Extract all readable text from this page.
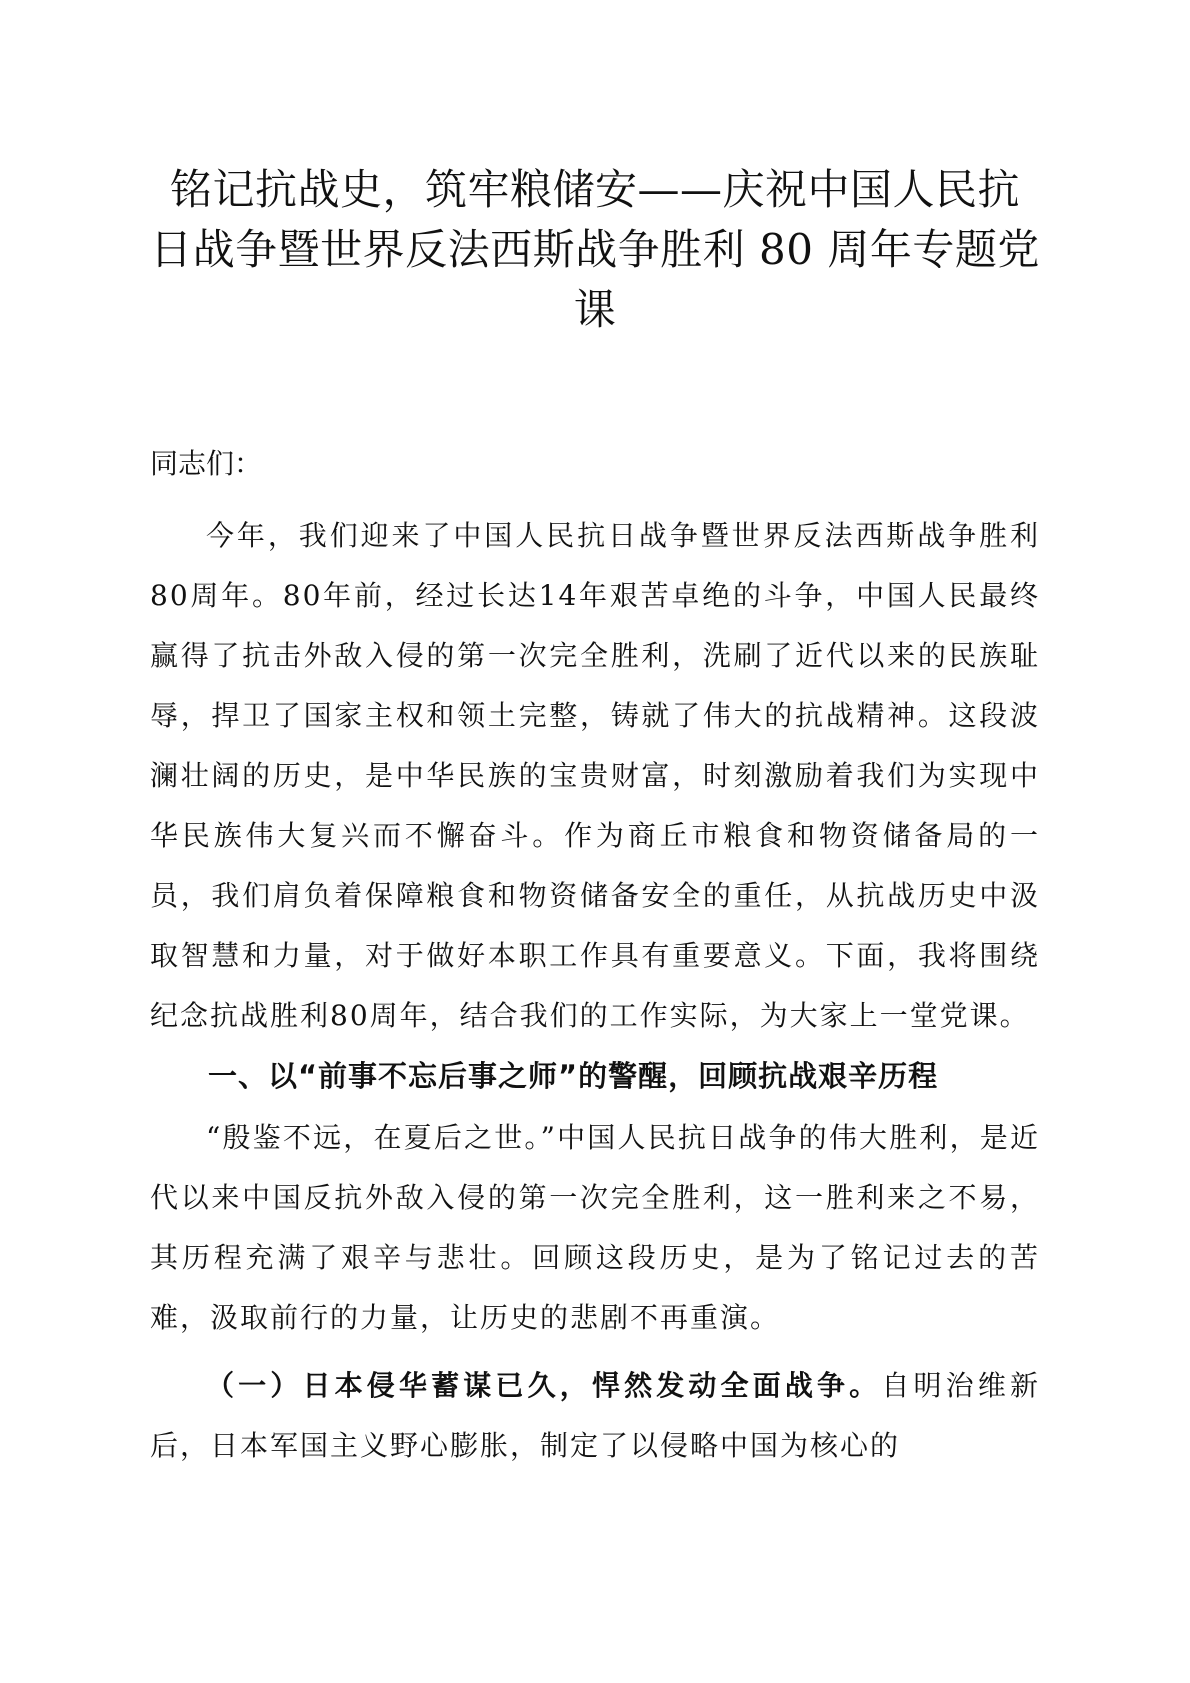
铭记抗战史，筑牢粮储安——庆祝中国人民抗日战争暨世界反法西斯战争胜利 80 周年专题党课

同志们：

今年，我们迎来了中国人民抗日战争暨世界反法西斯战争胜利80周年。80年前，经过长达14年艰苦卓绝的斗争，中国人民最终赢得了抗击外敌入侵的第一次完全胜利，洗刷了近代以来的民族耻辱，捍卫了国家主权和领土完整，铸就了伟大的抗战精神。这段波澜壮阔的历史，是中华民族的宝贵财富，时刻激励着我们为实现中华民族伟大复兴而不懈奋斗。作为商丘市粮食和物资储备局的一员，我们肩负着保障粮食和物资储备安全的重任，从抗战历史中汲取智慧和力量，对于做好本职工作具有重要意义。下面，我将围绕纪念抗战胜利80周年，结合我们的工作实际，为大家上一堂党课。

一、以“前事不忘后事之师”的警醒，回顾抗战艰辛历程

“殷鉴不远，在夏后之世。”中国人民抗日战争的伟大胜利，是近代以来中国反抗外敌入侵的第一次完全胜利，这一胜利来之不易，其历程充满了艰辛与悲壮。回顾这段历史，是为了铭记过去的苦难，汲取前行的力量，让历史的悲剧不再重演。

（一）日本侵华蓄谋已久，悍然发动全面战争。自明治维新后，日本军国主义野心膨胀，制定了以侵略中国为核心的
